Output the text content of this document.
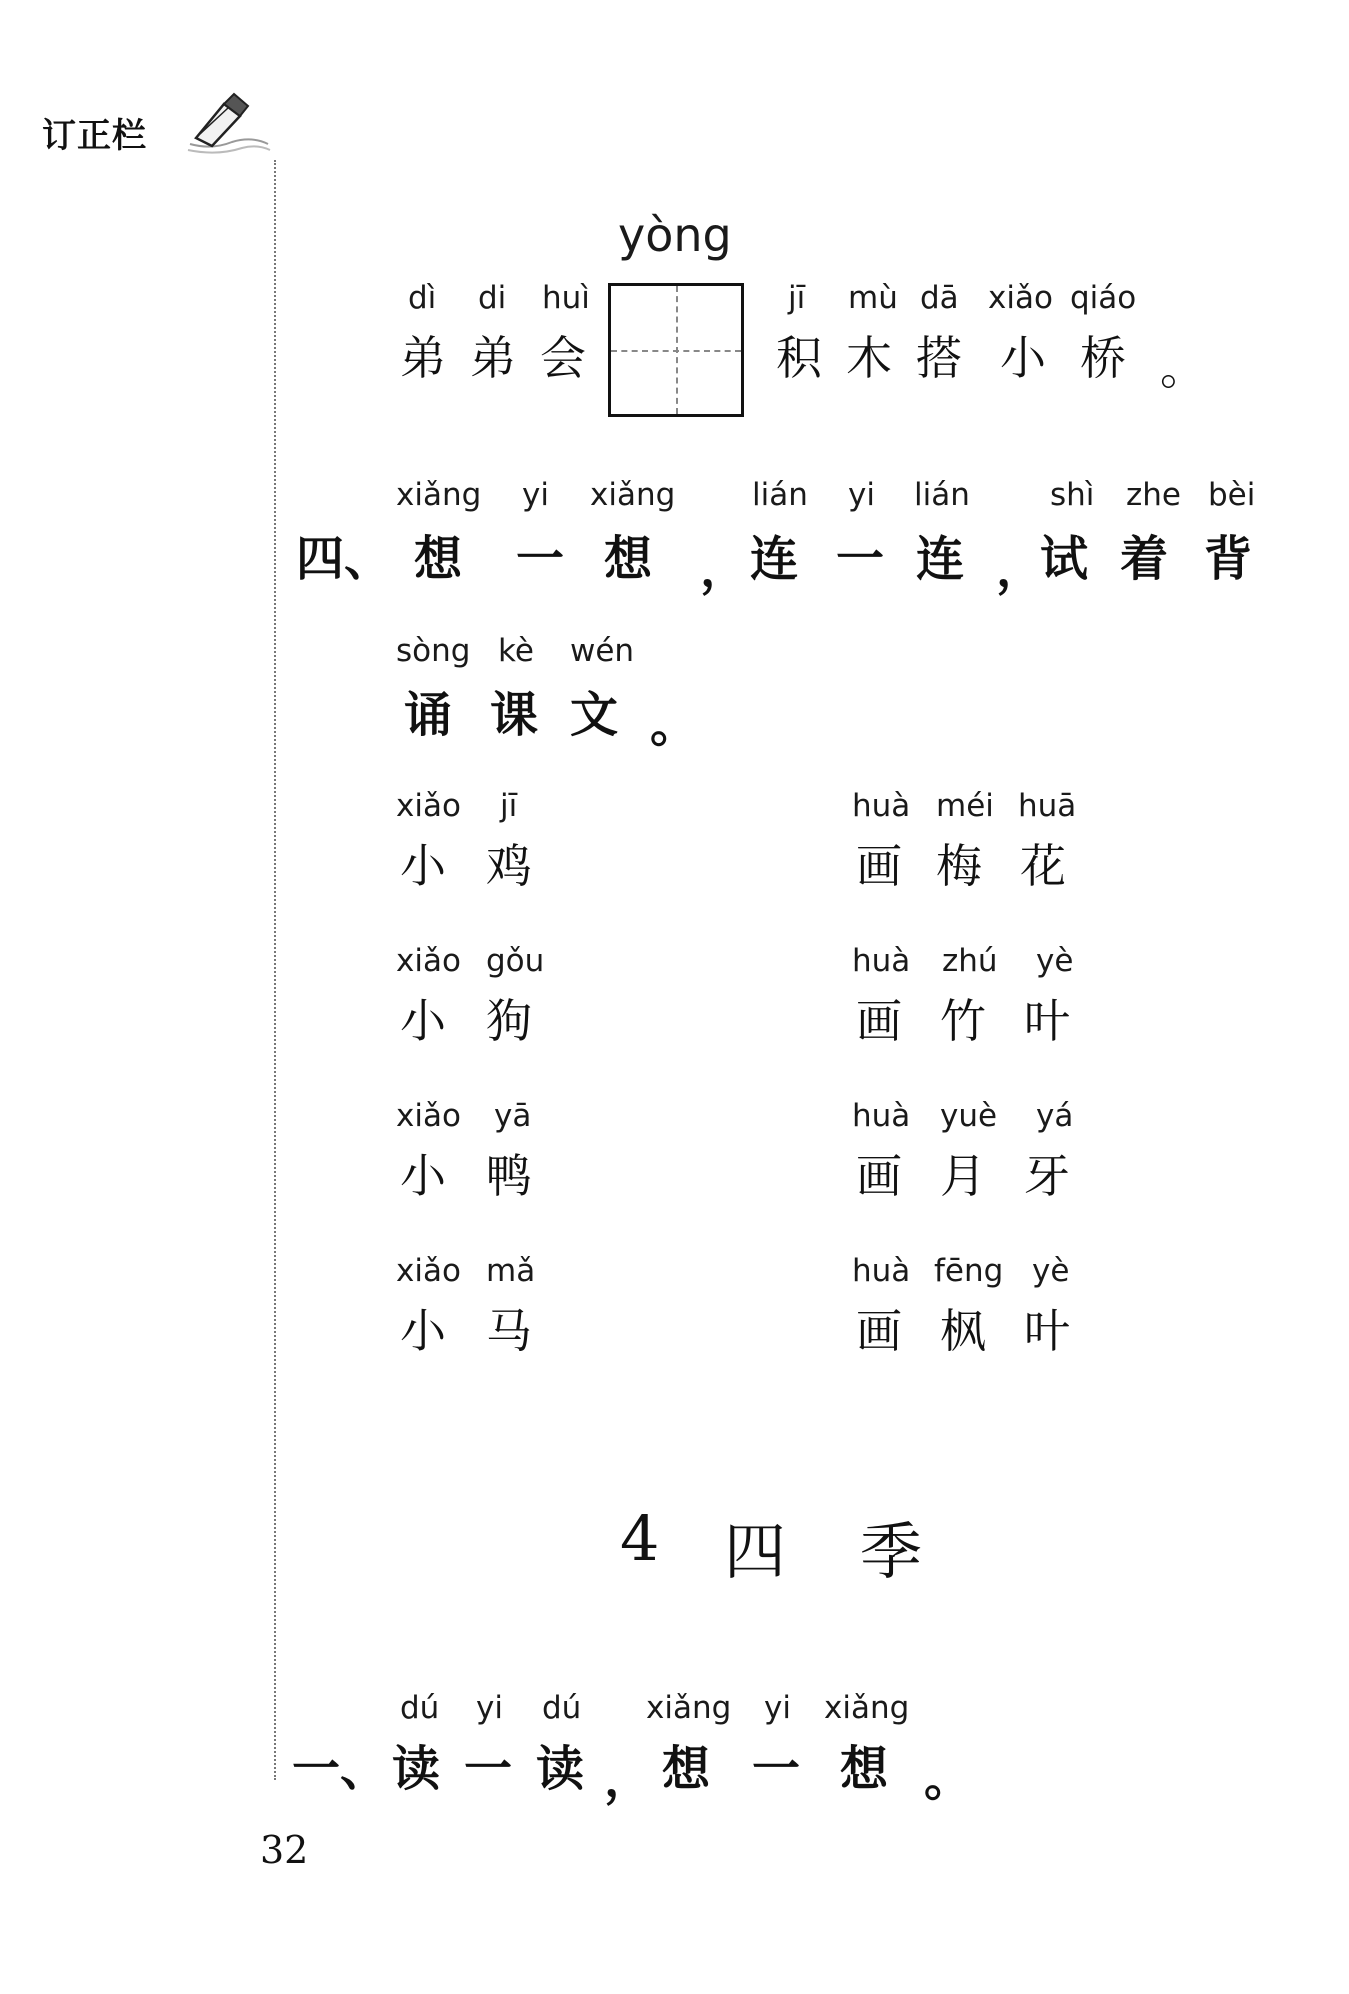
订正栏
yòng
dì di huì
弟 弟 会
jī mù dā xiǎo qiáo
积 木 搭 小 桥 。
xiǎng yi xiǎng lián yi lián	shì zhe bèi
四、 想 一 想 ， 连 一 连 ，
试 着 背
sòng kè wén
诵 课 文 。
xiǎo jī
小 鸡
xiǎo gǒu
小 狗
xiǎo yā
小 鸭
xiǎo mǎ
小 马
huà méi huā
画 梅 花
huà zhú yè
画 竹 叶
huà yuè yá
画 月 牙
huà fēng yè
画 枫 叶
4 四 季
dú yi dú xiǎng yi xiǎng
一、 读 一 读 ， 想 一 想 。
32
